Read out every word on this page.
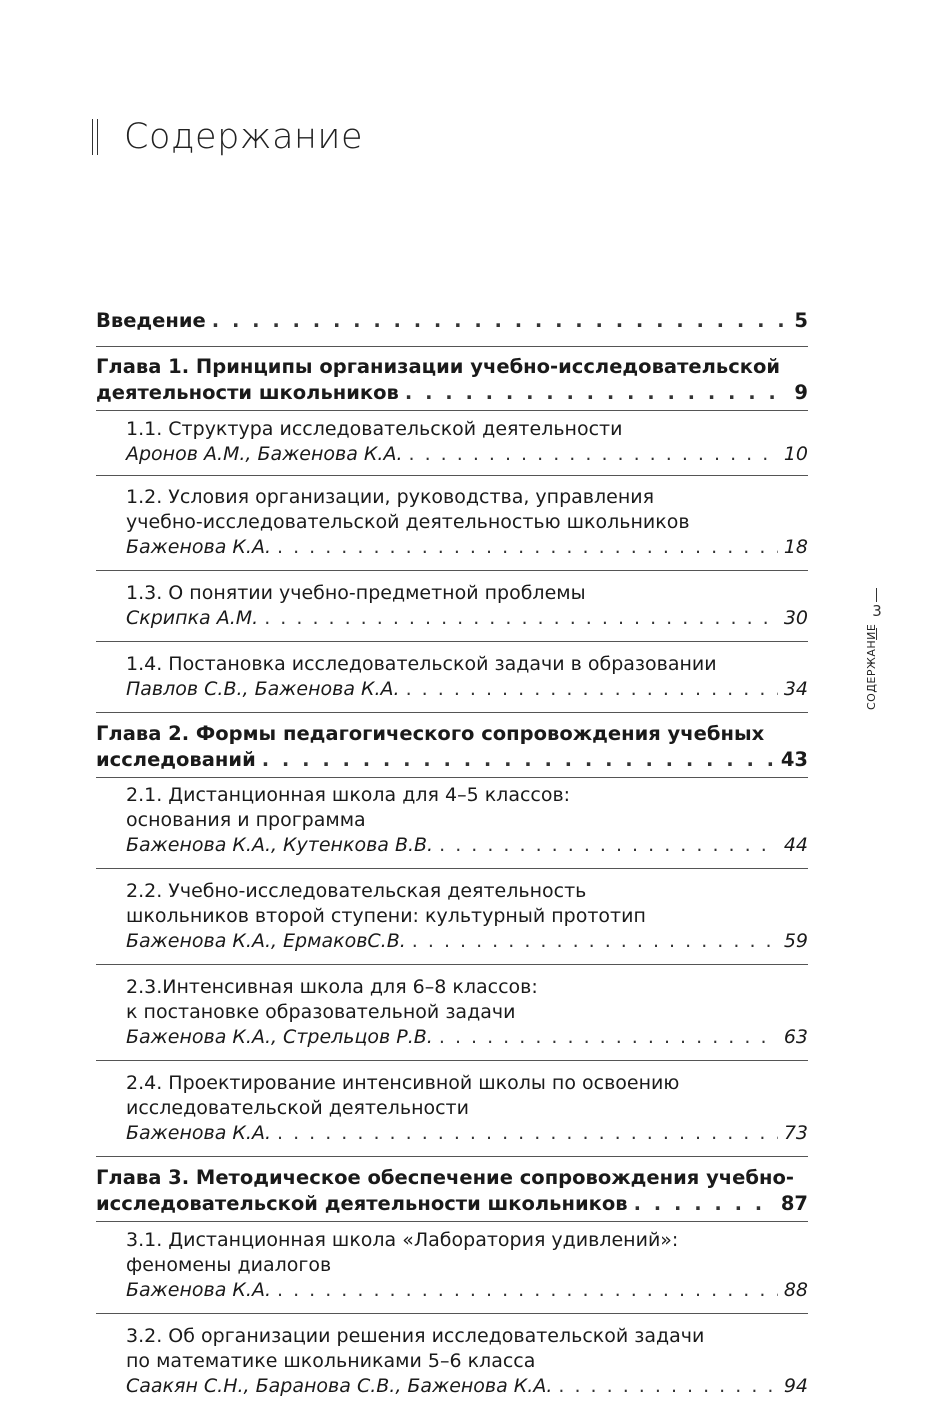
Содержание
Введение . . .	5
Глава 1. Принципы организации учебно-исследовательской
деятельности школьников . . .	9
1.1. Структура исследовательской деятельности
Аронов А.М., Баженова К.А. . . .	10
1.2. Условия организации, руководства, управления
учебно-исследовательской деятельностью школьников
Баженова К.А. . . .	18
1.3. О понятии учебно-предметной проблемы
Скрипка А.М. . . .	30
1.4. Постановка исследовательской задачи в образовании
Павлов С.В., Баженова К.А. . . .	34
Глава 2. Формы педагогического сопровождения учебных
исследований . . .	43
2.1. Дистанционная школа для 4–5 классов:
основания и программа
Баженова К.А., Кутенкова В.В. . . .	44
2.2. Учебно-исследовательская деятельность
школьников второй ступени: культурный прототип
Баженова К.А., ЕрмаковС.В. . . .	59
2.3.Интенсивная школа для 6–8 классов:
к постановке образовательной задачи
Баженова К.А., Стрельцов Р.В. . . .	63
2.4. Проектирование интенсивной школы по освоению
исследовательской деятельности
Баженова К.А. . . .	73
Глава 3. Методическое обеспечение сопровождения учебно-
исследовательской деятельности школьников . . .	87
3.1. Дистанционная школа «Лаборатория удивлений»:
феномены диалогов
Баженова К.А. . . .	88
3.2. Об организации решения исследовательской задачи
по математике школьниками 5–6 класса
Саакян С.Н., Баранова С.В., Баженова К.А. . . .	94
3
СОДЕРЖАНИЕ
